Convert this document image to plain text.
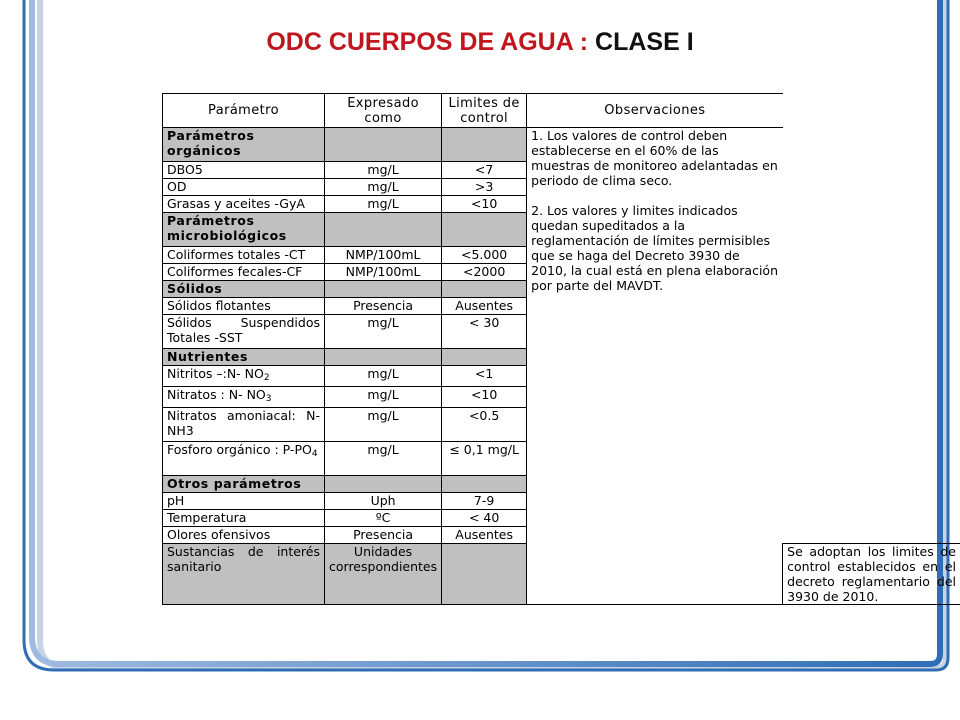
ODC CUERPOS DE AGUA : CLASE I
Parámetro	Expresado como	Limites de control	Observaciones	
Parámetros orgánicos			1. Los valores de control deben establecerse en el 60% de las muestras de monitoreo adelantadas en periodo de clima seco.

2. Los valores y limites indicados quedan supeditados a la reglamentación de límites permisibles que se haga del Decreto 3930 de 2010, la cual está en plena elaboración por parte del MAVDT.	

DBO5	mg/L	<7		
OD	mg/L	>3		
Grasas y aceites -GyA	mg/L	<10		
Parámetros microbiológicos				
Coliformes totales -CT	NMP/100mL	<5.000		
Coliformes fecales-CF	NMP/100mL	<2000		
Sólidos				
Sólidos flotantes	Presencia	Ausentes		
Sólidos Suspendidos Totales -SST	mg/L	< 30		
Nutrientes				
Nitritos –:N- $NO_2$	mg/L	<1		
Nitratos : N- $NO_3$	mg/L	<10		
Nitratos amoniacal: N-NH3	mg/L	<0.5		
Fosforo orgánico : $P-PO_4$	mg/L	≤ 0,1 mg/L		
Otros parámetros				
pH	Uph	7-9		
Temperatura	ºC	< 40		
Olores ofensivos	Presencia	Ausentes		
Sustancias de interés sanitario	Unidades correspondientes			Se adoptan los limites de control establecidos en el decreto reglamentario del 3930 de 2010.
